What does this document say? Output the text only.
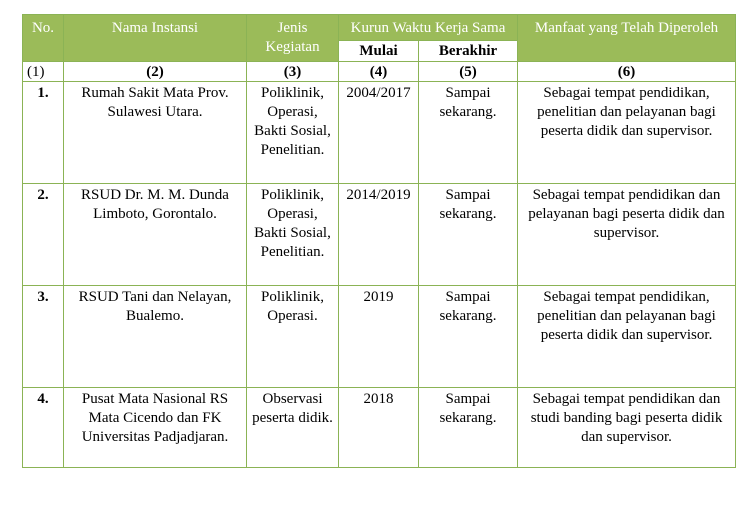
No.	Nama Instansi	Jenis Kegiatan	Kurun Waktu Kerja Sama		Manfaat yang Telah Diperoleh
			Mulai	Berakhir	
(1)	(2)	(3)	(4)	(5)	(6)
1.	Rumah Sakit Mata Prov. Sulawesi Utara.	Poliklinik, Operasi, Bakti Sosial, Penelitian.	2004/2017	Sampai sekarang.	Sebagai tempat pendidikan, penelitian dan pelayanan bagi peserta didik dan supervisor.
2.	RSUD Dr. M. M. Dunda Limboto, Gorontalo.	Poliklinik, Operasi, Bakti Sosial, Penelitian.	2014/2019	Sampai sekarang.	Sebagai tempat pendidikan dan pelayanan bagi peserta didik dan supervisor.
3.	RSUD Tani dan Nelayan, Bualemo.	Poliklinik, Operasi.	2019	Sampai sekarang.	Sebagai tempat pendidikan, penelitian dan pelayanan bagi peserta didik dan supervisor.
4.	Pusat Mata Nasional RS Mata Cicendo dan FK Universitas Padjadjaran.	Observasi peserta didik.	2018	Sampai sekarang.	Sebagai tempat pendidikan dan studi banding bagi peserta didik dan supervisor.
